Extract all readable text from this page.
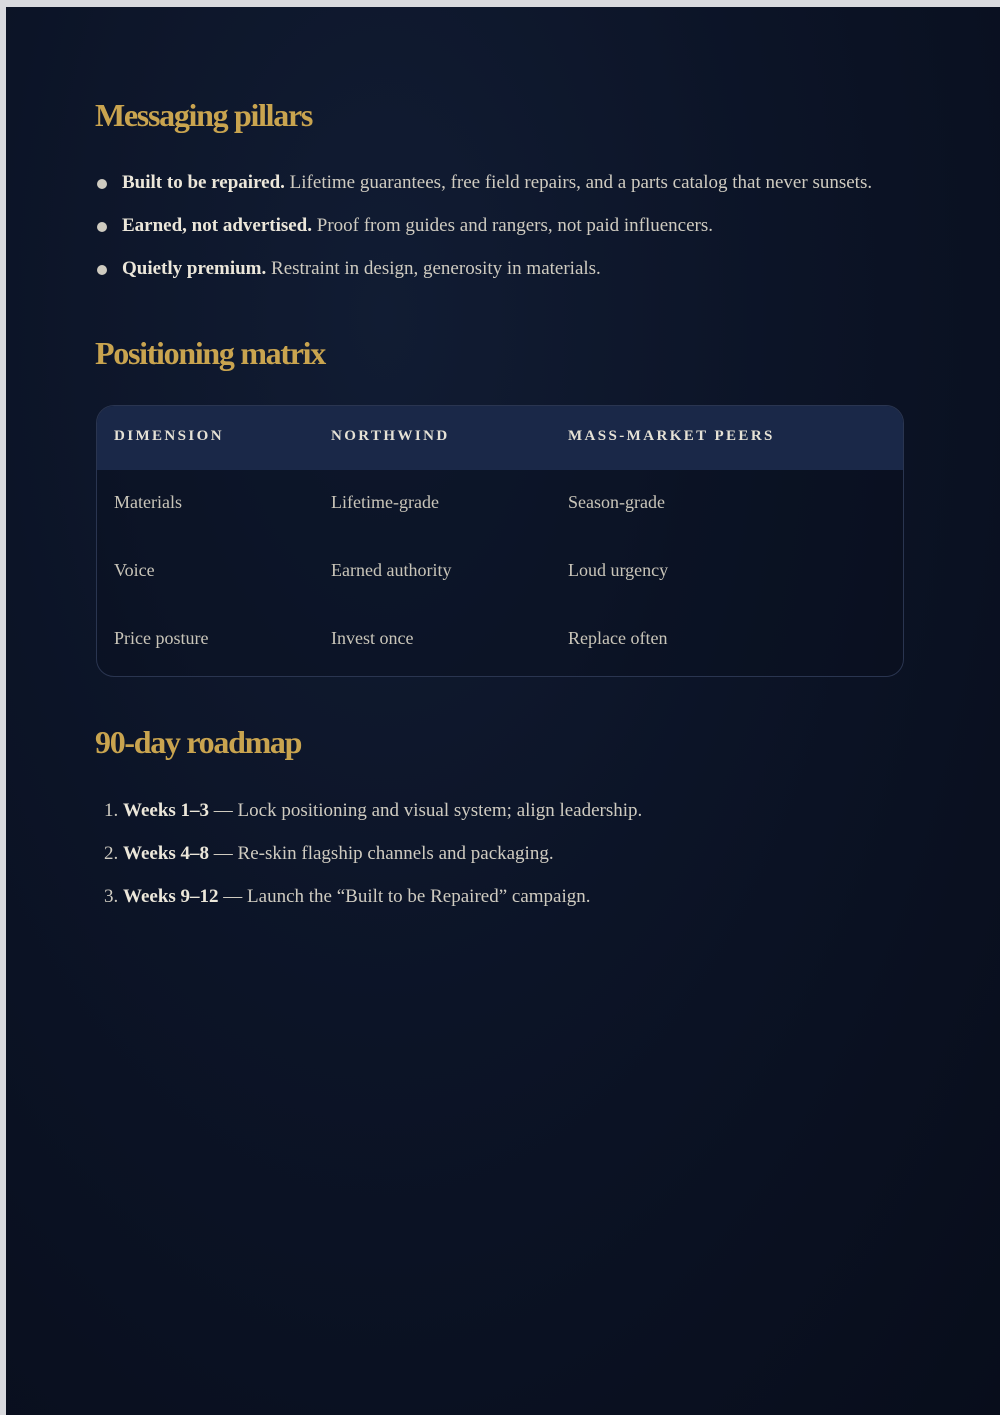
Messaging pillars
Built to be repaired. Lifetime guarantees, free field repairs, and a parts catalog that never sunsets.
Earned, not advertised. Proof from guides and rangers, not paid influencers.
Quietly premium. Restraint in design, generosity in materials.
Positioning matrix
DIMENSION	NORTHWIND	MASS-MARKET PEERS
Materials	Lifetime-grade	Season-grade
Voice	Earned authority	Loud urgency
Price posture	Invest once	Replace often
90-day roadmap
1. Weeks 1–3 — Lock positioning and visual system; align leadership.
2. Weeks 4–8 — Re-skin flagship channels and packaging.
3. Weeks 9–12 — Launch the “Built to be Repaired” campaign.
